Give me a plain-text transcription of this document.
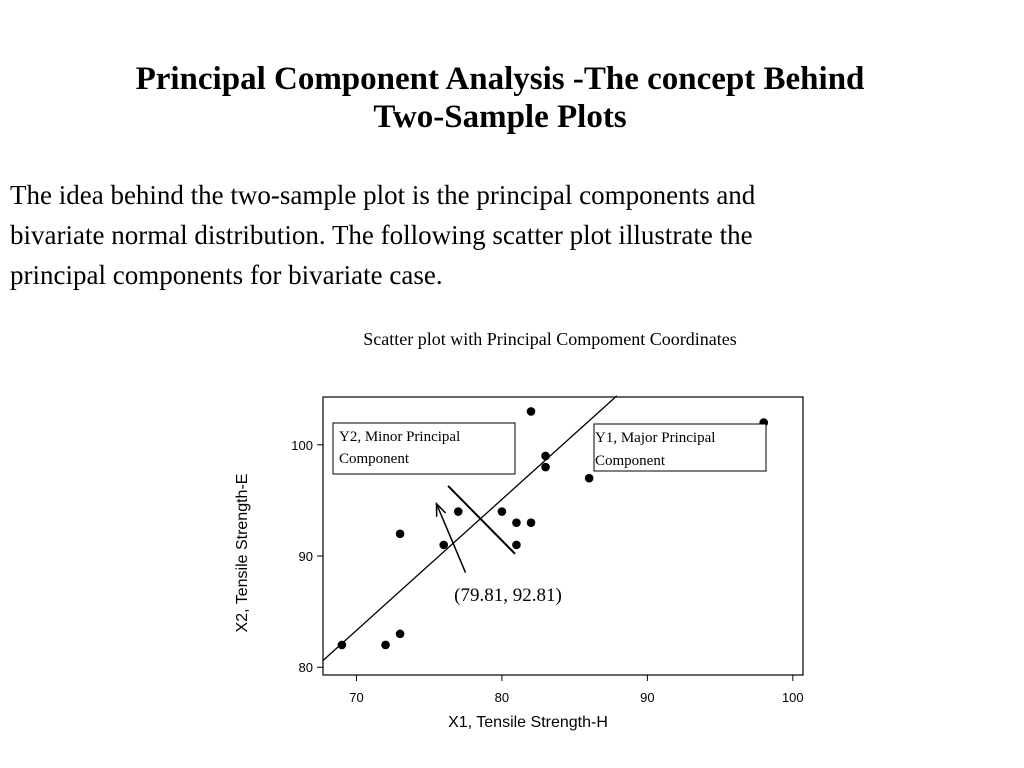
Principal Component Analysis -The concept Behind
Two-Sample Plots
The idea behind the two-sample plot is the principal components and
bivariate normal distribution. The following scatter plot illustrate the
principal components for bivariate case.
Scatter plot with Principal Compoment Coordinates
70	80	90	100
80
90
100
Y2, Minor Principal
Component
Y1, Major Principal
Component
(79.81, 92.81)
X1, Tensile Strength-H
X2, Tensile Strength-E
